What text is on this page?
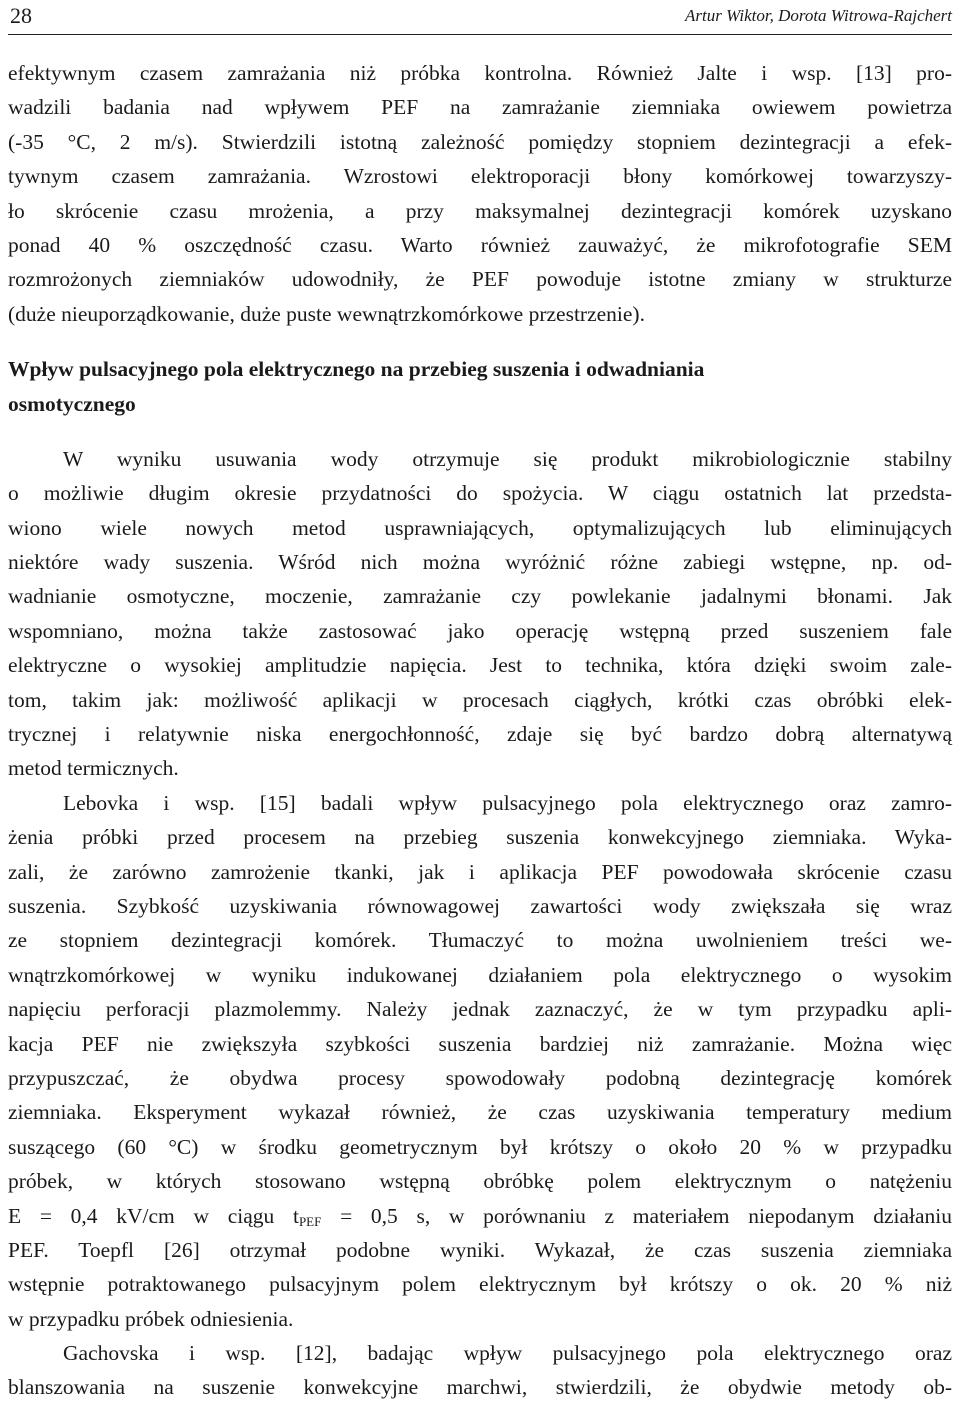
28	Artur Wiktor, Dorota Witrowa-Rajchert
efektywnym czasem zamrażania niż próbka kontrolna. Również Jalte i wsp. [13] pro-
wadzili badania nad wpływem PEF na zamrażanie ziemniaka owiewem powietrza
(-35 °C, 2 m/s). Stwierdzili istotną zależność pomiędzy stopniem dezintegracji a efek-
tywnym czasem zamrażania. Wzrostowi elektroporacji błony komórkowej towarzyszy-
ło skrócenie czasu mrożenia, a przy maksymalnej dezintegracji komórek uzyskano
ponad 40 % oszczędność czasu. Warto również zauważyć, że mikrofotografie SEM
rozmrożonych ziemniaków udowodniły, że PEF powoduje istotne zmiany w strukturze
(duże nieuporządkowanie, duże puste wewnątrzkomórkowe przestrzenie).
Wpływ pulsacyjnego pola elektrycznego na przebieg suszenia i odwadniania
osmotycznego
W wyniku usuwania wody otrzymuje się produkt mikrobiologicznie stabilny
o możliwie długim okresie przydatności do spożycia. W ciągu ostatnich lat przedsta-
wiono wiele nowych metod usprawniających, optymalizujących lub eliminujących
niektóre wady suszenia. Wśród nich można wyróżnić różne zabiegi wstępne, np. od-
wadnianie osmotyczne, moczenie, zamrażanie czy powlekanie jadalnymi błonami. Jak
wspomniano, można także zastosować jako operację wstępną przed suszeniem fale
elektryczne o wysokiej amplitudzie napięcia. Jest to technika, która dzięki swoim zale-
tom, takim jak: możliwość aplikacji w procesach ciągłych, krótki czas obróbki elek-
trycznej i relatywnie niska energochłonność, zdaje się być bardzo dobrą alternatywą
metod termicznych.
Lebovka i wsp. [15] badali wpływ pulsacyjnego pola elektrycznego oraz zamro-
żenia próbki przed procesem na przebieg suszenia konwekcyjnego ziemniaka. Wyka-
zali, że zarówno zamrożenie tkanki, jak i aplikacja PEF powodowała skrócenie czasu
suszenia. Szybkość uzyskiwania równowagowej zawartości wody zwiększała się wraz
ze stopniem dezintegracji komórek. Tłumaczyć to można uwolnieniem treści we-
wnątrzkomórkowej w wyniku indukowanej działaniem pola elektrycznego o wysokim
napięciu perforacji plazmolemmy. Należy jednak zaznaczyć, że w tym przypadku apli-
kacja PEF nie zwiększyła szybkości suszenia bardziej niż zamrażanie. Można więc
przypuszczać, że obydwa procesy spowodowały podobną dezintegrację komórek
ziemniaka. Eksperyment wykazał również, że czas uzyskiwania temperatury medium
suszącego (60 °C) w środku geometrycznym był krótszy o około 20 % w przypadku
próbek, w których stosowano wstępną obróbkę polem elektrycznym o natężeniu
E = 0,4 kV/cm w ciągu $t_{PEF} = 0,5$ s, w porównaniu z materiałem niepodanym działaniu
PEF. Toepfl [26] otrzymał podobne wyniki. Wykazał, że czas suszenia ziemniaka
wstępnie potraktowanego pulsacyjnym polem elektrycznym był krótszy o ok. 20 % niż
w przypadku próbek odniesienia.
Gachovska i wsp. [12], badając wpływ pulsacyjnego pola elektrycznego oraz
blanszowania na suszenie konwekcyjne marchwi, stwierdzili, że obydwie metody ob-
